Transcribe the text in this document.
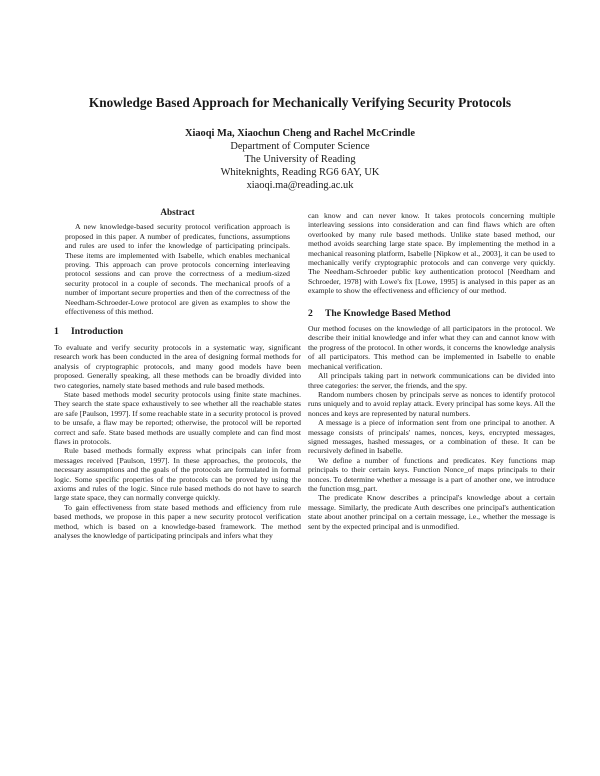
Knowledge Based Approach for Mechanically Verifying Security Protocols
Xiaoqi Ma, Xiaochun Cheng and Rachel McCrindle
Department of Computer Science
The University of Reading
Whiteknights, Reading RG6 6AY, UK
xiaoqi.ma@reading.ac.uk
Abstract

A new knowledge-based security protocol verification approach is proposed in this paper. A number of predicates, functions, assumptions and rules are used to infer the knowledge of participating principals. These items are implemented with Isabelle, which enables mechanical proving. This approach can prove protocols concerning interleaving protocol sessions and can prove the correctness of a medium-sized security protocol in a couple of seconds. The mechanical proofs of a number of important secure properties and then of the correctness of the Needham-Schroeder-Lowe protocol are given as examples to show the effectiveness of this method.

1 Introduction

To evaluate and verify security protocols in a systematic way, significant research work has been conducted in the area of designing formal methods for analysis of cryptographic protocols, and many good models have been proposed. Generally speaking, all these methods can be broadly divided into two categories, namely state based methods and rule based methods.

State based methods model security protocols using finite state machines. They search the state space exhaustively to see whether all the reachable states are safe [Paulson, 1997]. If some reachable state in a security protocol is proved to be unsafe, a flaw may be reported; otherwise, the protocol will be reported correct and safe. State based methods are usually complete and can find most flaws in protocols.

Rule based methods formally express what principals can infer from messages received [Paulson, 1997]. In these approaches, the protocols, the necessary assumptions and the goals of the protocols are formulated in formal logic. Some specific properties of the protocols can be proved by using the axioms and rules of the logic. Since rule based methods do not have to search large state space, they can normally converge quickly.

To gain effectiveness from state based methods and efficiency from rule based methods, we propose in this paper a new security protocol verification method, which is based on a knowledge-based framework. The method analyses the knowledge of participating principals and infers what they

can know and can never know. It takes protocols concerning multiple interleaving sessions into consideration and can find flaws which are often overlooked by many rule based methods. Unlike state based method, our method avoids searching large state space. By implementing the method in a mechanical reasoning platform, Isabelle [Nipkow et al., 2003], it can be used to mechanically verify cryptographic protocols and can converge very quickly. The Needham-Schroeder public key authentication protocol [Needham and Schroeder, 1978] with Lowe's fix [Lowe, 1995] is analysed in this paper as an example to show the effectiveness and efficiency of our method.

2 The Knowledge Based Method

Our method focuses on the knowledge of all participators in the protocol. We describe their initial knowledge and infer what they can and cannot know with the progress of the protocol. In other words, it concerns the knowledge analysis of all participators. This method can be implemented in Isabelle to enable mechanical verification.

All principals taking part in network communications can be divided into three categories: the server, the friends, and the spy.

Random numbers chosen by principals serve as nonces to identify protocol runs uniquely and to avoid replay attack. Every principal has some keys. All the nonces and keys are represented by natural numbers.

A message is a piece of information sent from one principal to another. A message consists of principals' names, nonces, keys, encrypted messages, signed messages, hashed messages, or a combination of these. It can be recursively defined in Isabelle.

We define a number of functions and predicates. Key functions map principals to their certain keys. Function Nonce_of maps principals to their nonces. To determine whether a message is a part of another one, we introduce the function msg_part.

The predicate Know describes a principal's knowledge about a certain message. Similarly, the predicate Auth describes one principal's authentication state about another principal on a certain message, i.e., whether the message is sent by the expected principal and is unmodified.
